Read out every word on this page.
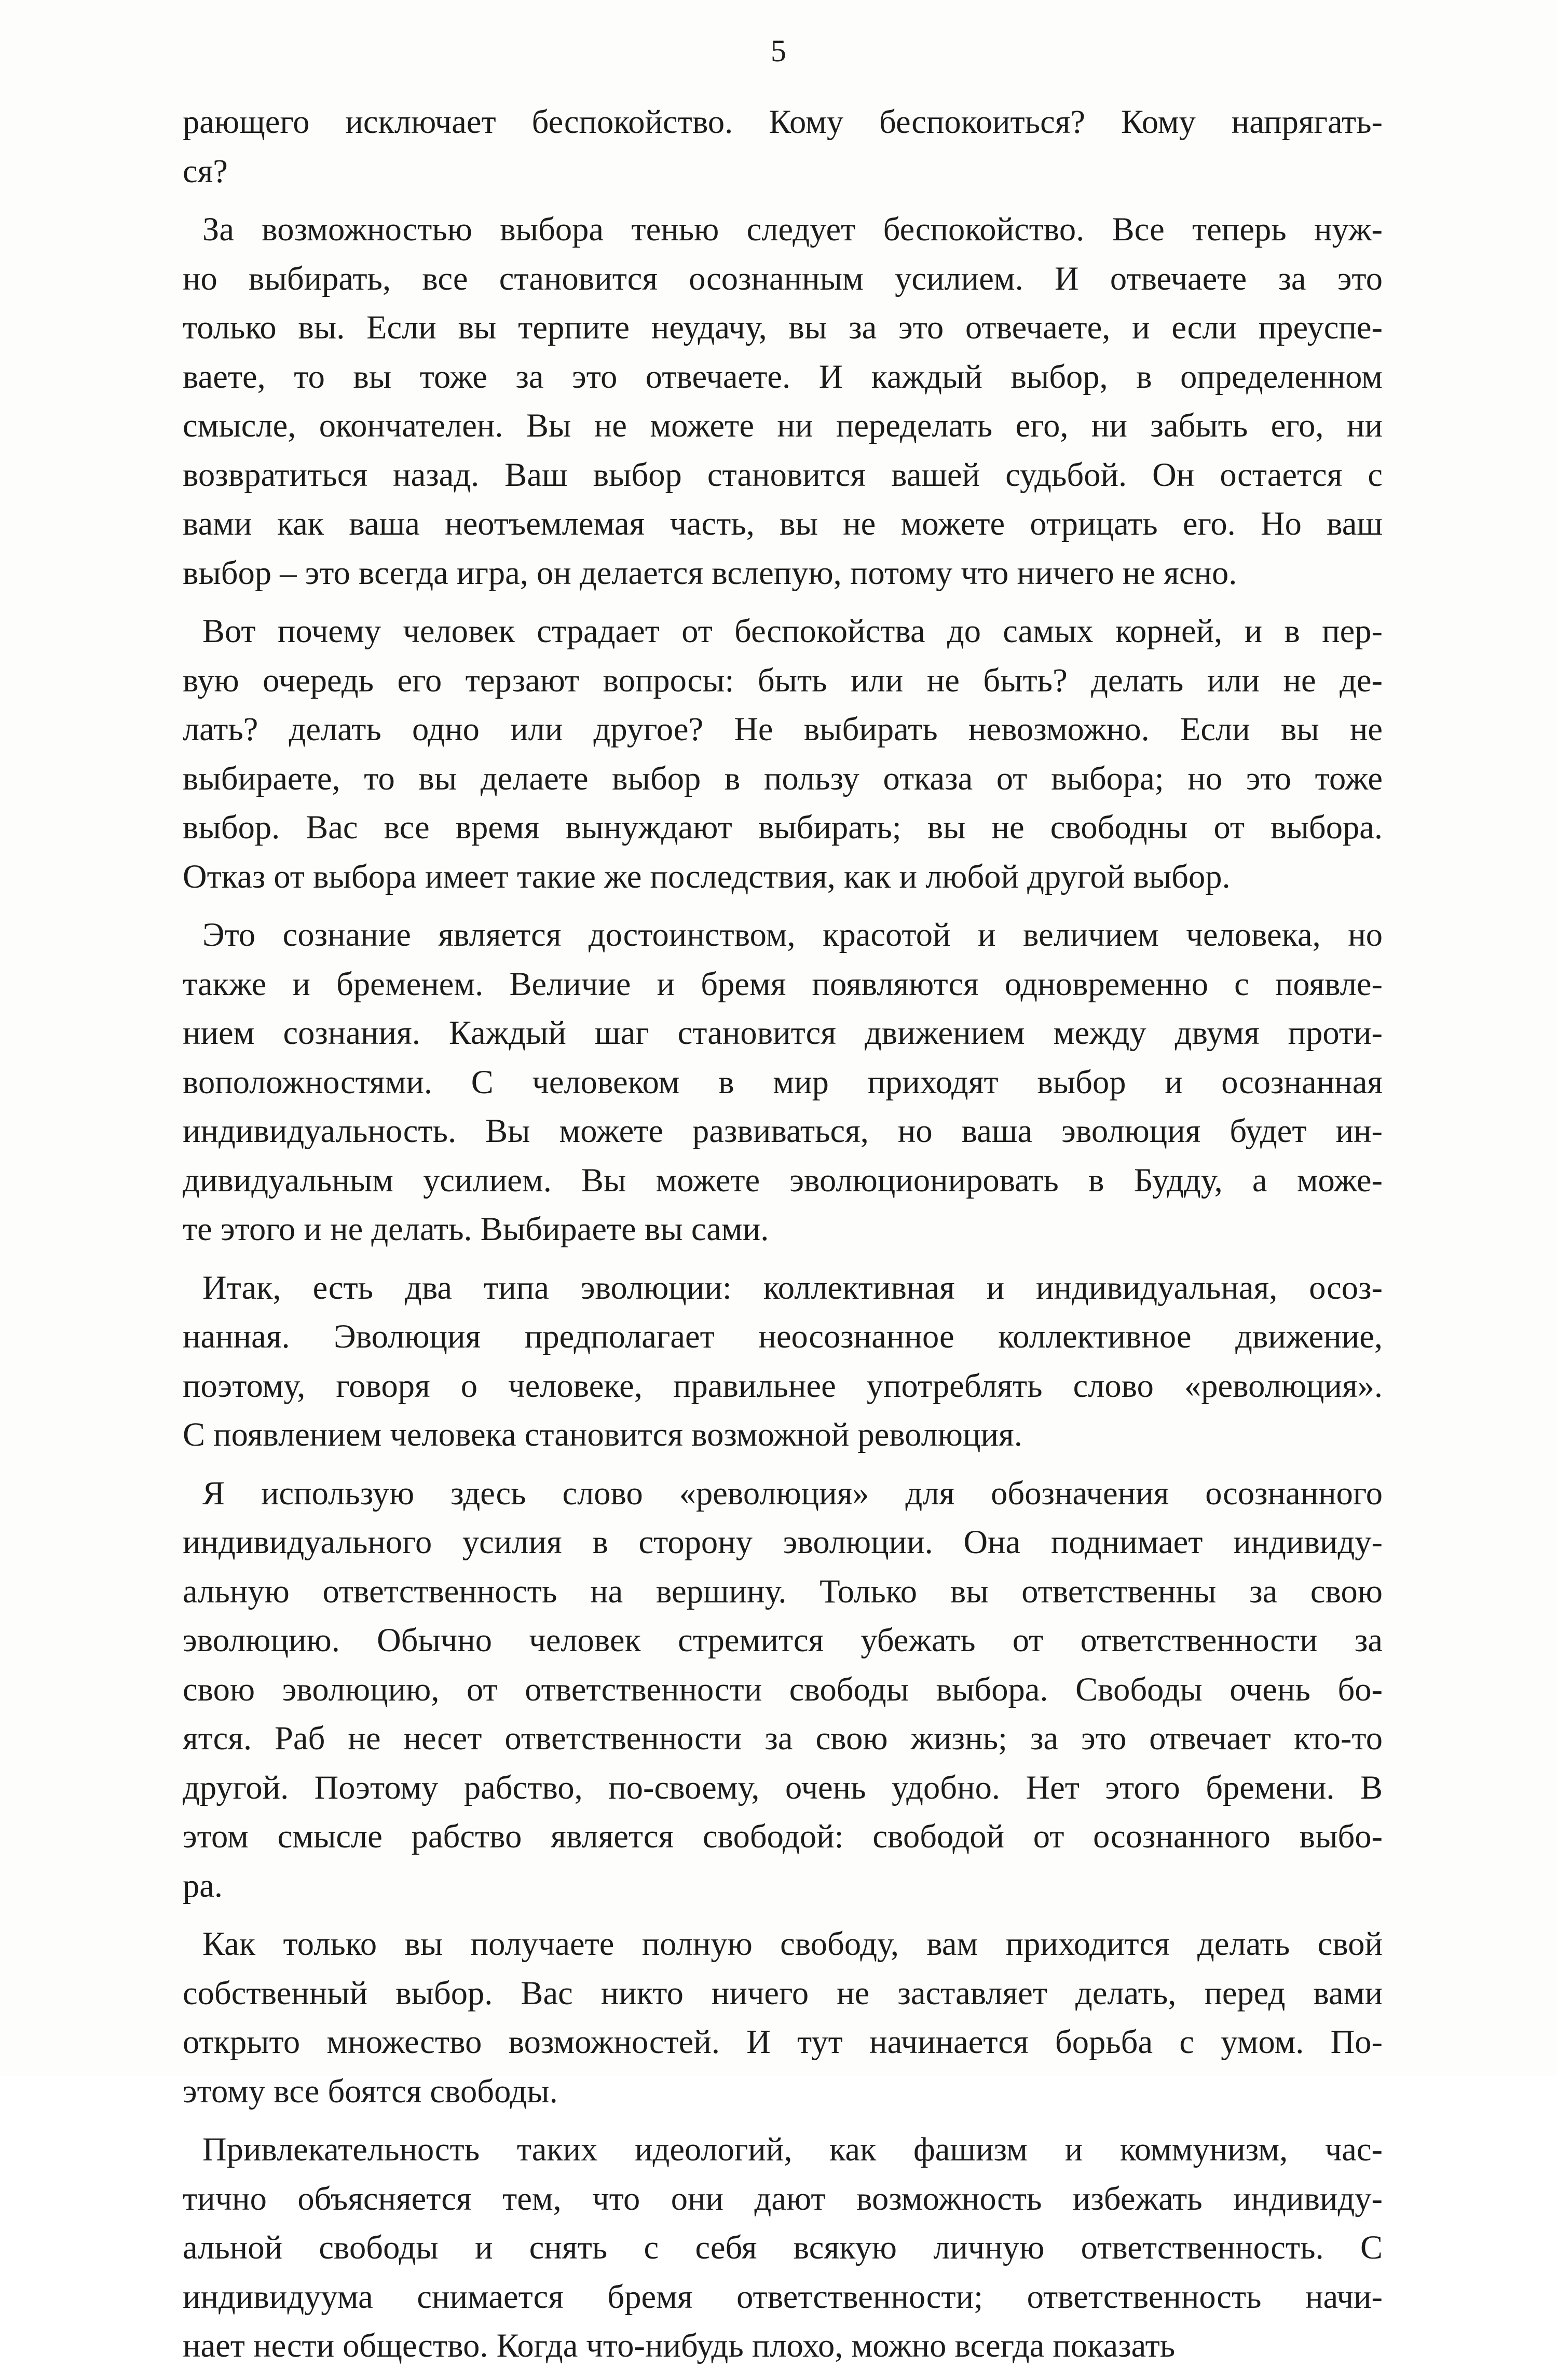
5
рающего исключает беспокойство. Кому беспокоиться? Кому напрягать-
ся?
За возможностью выбора тенью следует беспокойство. Все теперь нуж-
но выбирать, все становится осознанным усилием. И отвечаете за это
только вы. Если вы терпите неудачу, вы за это отвечаете, и если преуспе-
ваете, то вы тоже за это отвечаете. И каждый выбор, в определенном
смысле, окончателен. Вы не можете ни переделать его, ни забыть его, ни
возвратиться назад. Ваш выбор становится вашей судьбой. Он остается с
вами как ваша неотъемлемая часть, вы не можете отрицать его. Но ваш
выбор – это всегда игра, он делается вслепую, потому что ничего не ясно.
Вот почему человек страдает от беспокойства до самых корней, и в пер-
вую очередь его терзают вопросы: быть или не быть? делать или не де-
лать? делать одно или другое? Не выбирать невозможно. Если вы не
выбираете, то вы делаете выбор в пользу отказа от выбора; но это тоже
выбор. Вас все время вынуждают выбирать; вы не свободны от выбора.
Отказ от выбора имеет такие же последствия, как и любой другой выбор.
Это сознание является достоинством, красотой и величием человека, но
также и бременем. Величие и бремя появляются одновременно с появле-
нием сознания. Каждый шаг становится движением между двумя проти-
воположностями. С человеком в мир приходят выбор и осознанная
индивидуальность. Вы можете развиваться, но ваша эволюция будет ин-
дивидуальным усилием. Вы можете эволюционировать в Будду, а може-
те этого и не делать. Выбираете вы сами.
Итак, есть два типа эволюции: коллективная и индивидуальная, осоз-
нанная. Эволюция предполагает неосознанное коллективное движение,
поэтому, говоря о человеке, правильнее употреблять слово «революция».
С появлением человека становится возможной революция.
Я использую здесь слово «революция» для обозначения осознанного
индивидуального усилия в сторону эволюции. Она поднимает индивиду-
альную ответственность на вершину. Только вы ответственны за свою
эволюцию. Обычно человек стремится убежать от ответственности за
свою эволюцию, от ответственности свободы выбора. Свободы очень бо-
ятся. Раб не несет ответственности за свою жизнь; за это отвечает кто-то
другой. Поэтому рабство, по-своему, очень удобно. Нет этого бремени. В
этом смысле рабство является свободой: свободой от осознанного выбо-
ра.
Как только вы получаете полную свободу, вам приходится делать свой
собственный выбор. Вас никто ничего не заставляет делать, перед вами
открыто множество возможностей. И тут начинается борьба с умом. По-
этому все боятся свободы.
Привлекательность таких идеологий, как фашизм и коммунизм, час-
тично объясняется тем, что они дают возможность избежать индивиду-
альной свободы и снять с себя всякую личную ответственность. С
индивидуума снимается бремя ответственности; ответственность начи-
нает нести общество. Когда что-нибудь плохо, можно всегда показать
